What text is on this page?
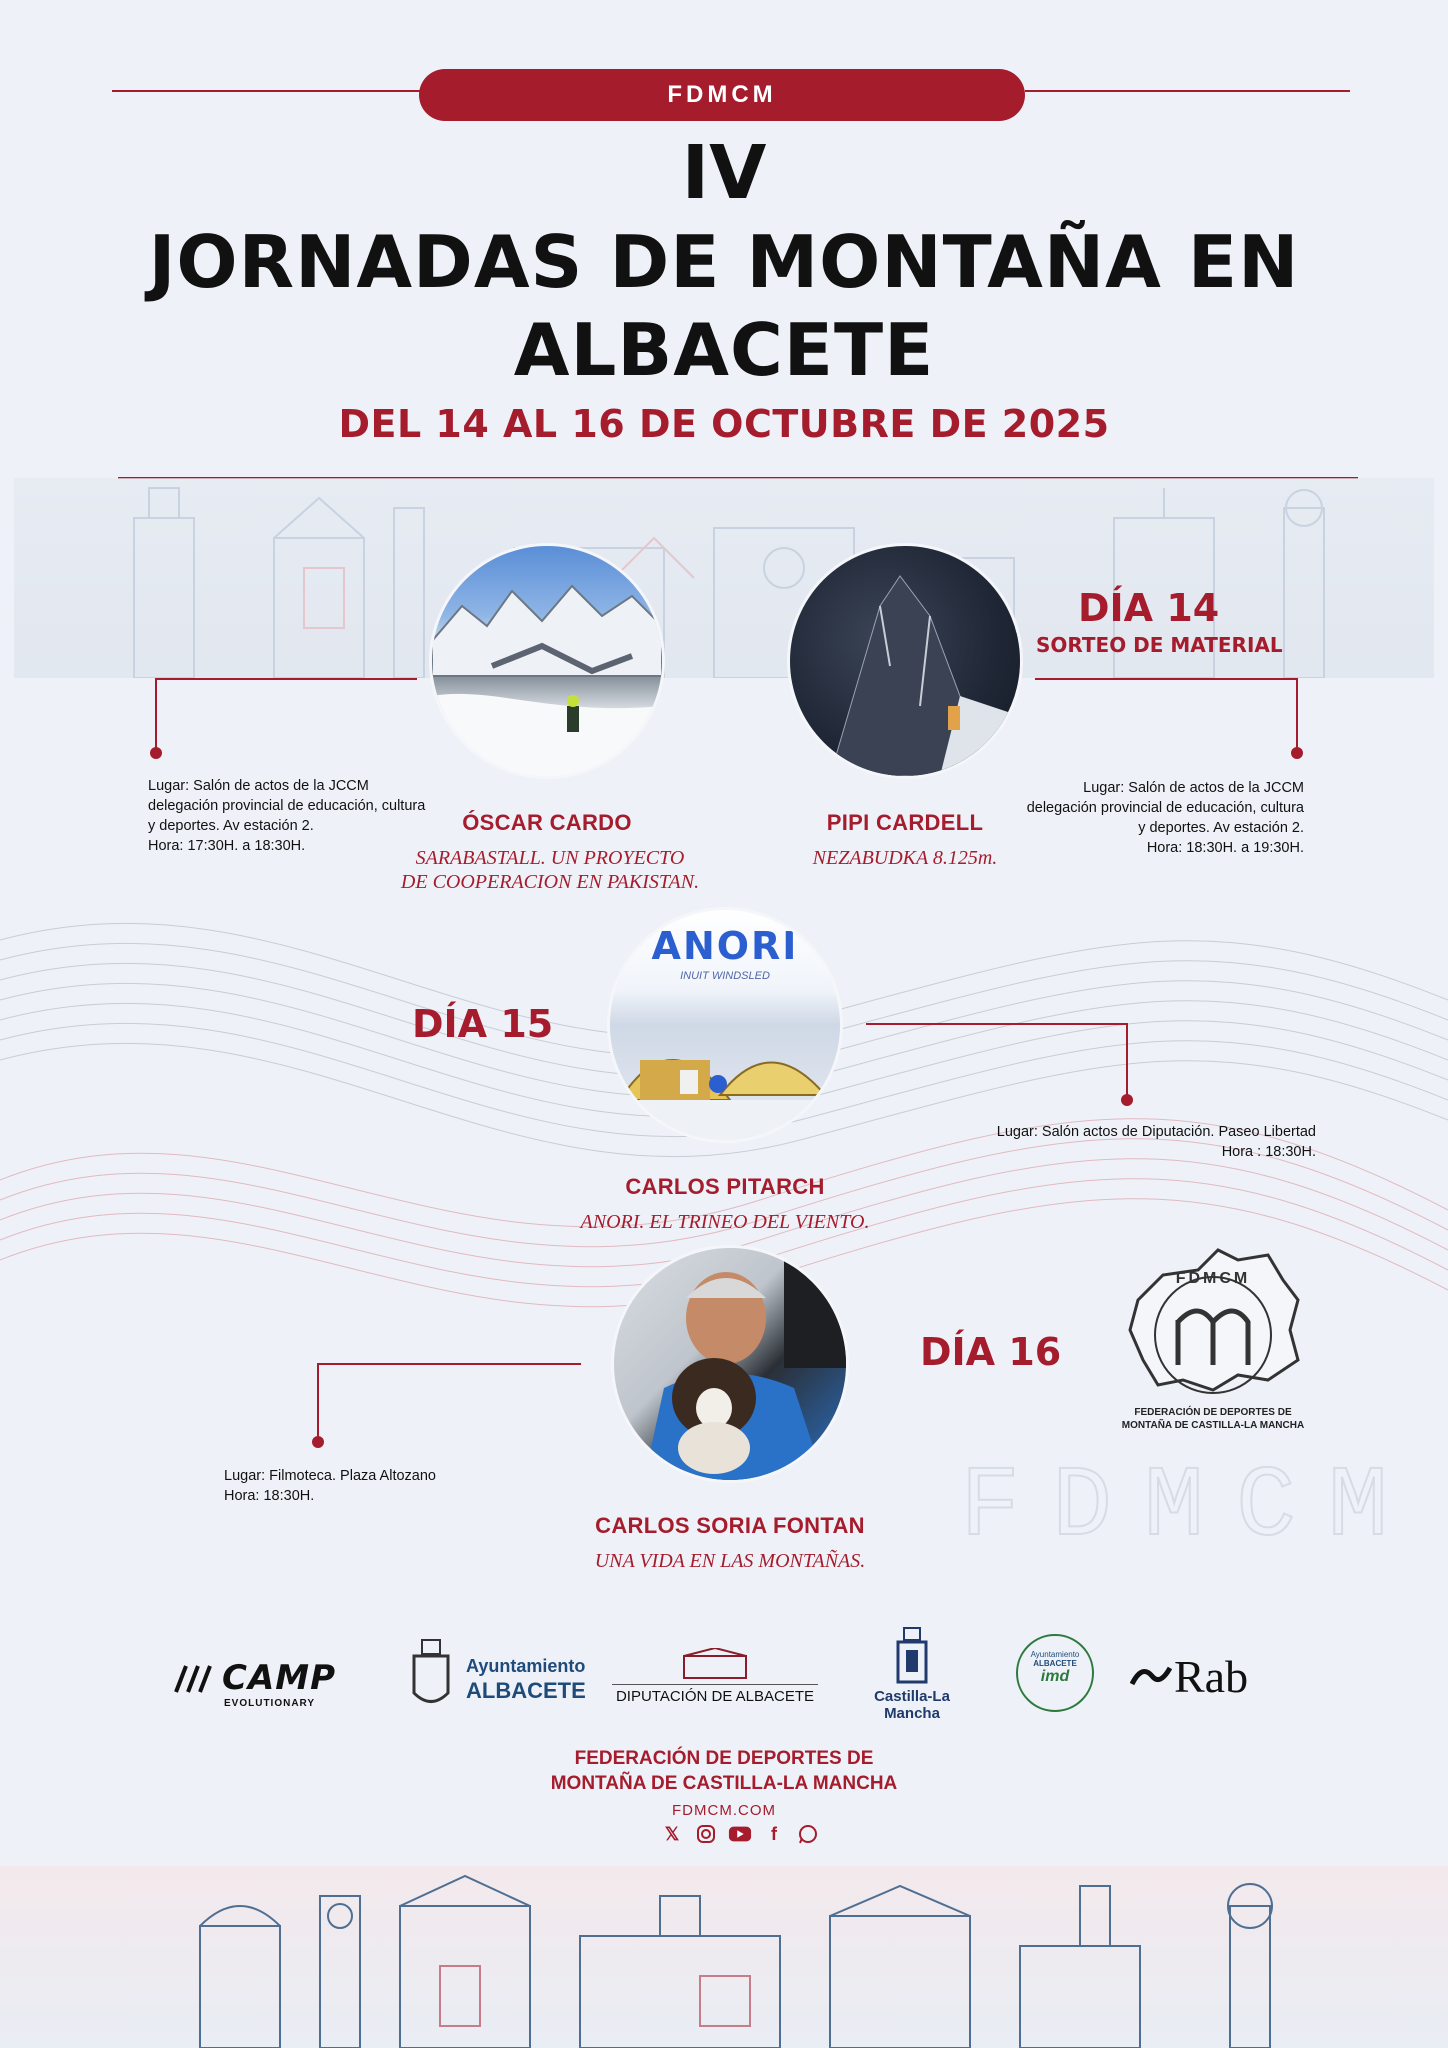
FDMCM
IV
JORNADAS DE MONTAÑA EN
ALBACETE
DEL 14 AL 16 DE OCTUBRE DE 2025
DÍA 14
SORTEO DE MATERIAL
Lugar: Salón de actos de la JCCM
delegación provincial de educación, cultura
y deportes. Av estación 2.
Hora: 17:30H. a 18:30H.
ÓSCAR CARDO
SARABASTALL. UN PROYECTO
DE COOPERACION EN PAKISTAN.
PIPI CARDELL
NEZABUDKA 8.125m.
Lugar: Salón de actos de la JCCM
delegación provincial de educación, cultura
y deportes. Av estación 2.
Hora: 18:30H. a 19:30H.
DÍA 15
ANORI
INUIT WINDSLED
Lugar: Salón actos de Diputación. Paseo Libertad
Hora : 18:30H.
CARLOS PITARCH
ANORI. EL TRINEO DEL VIENTO.
DÍA 16
Lugar: Filmoteca. Plaza Altozano
Hora: 18:30H.
CARLOS SORIA FONTAN
UNA VIDA EN LAS MONTAÑAS.
FDMCM
FEDERACIÓN DE DEPORTES DE
MONTAÑA DE CASTILLA-LA MANCHA
FDMCM
CAMP
EVOLUTIONARY
Ayuntamiento
ALBACETE DIPUTACIÓN DE ALBACETE	Castilla-La Mancha
Ayuntamiento
ALBACETE
imd	Rab
FEDERACIÓN DE DEPORTES DE
MONTAÑA DE CASTILLA-LA MANCHA
FDMCM.COM
𝕏	f
